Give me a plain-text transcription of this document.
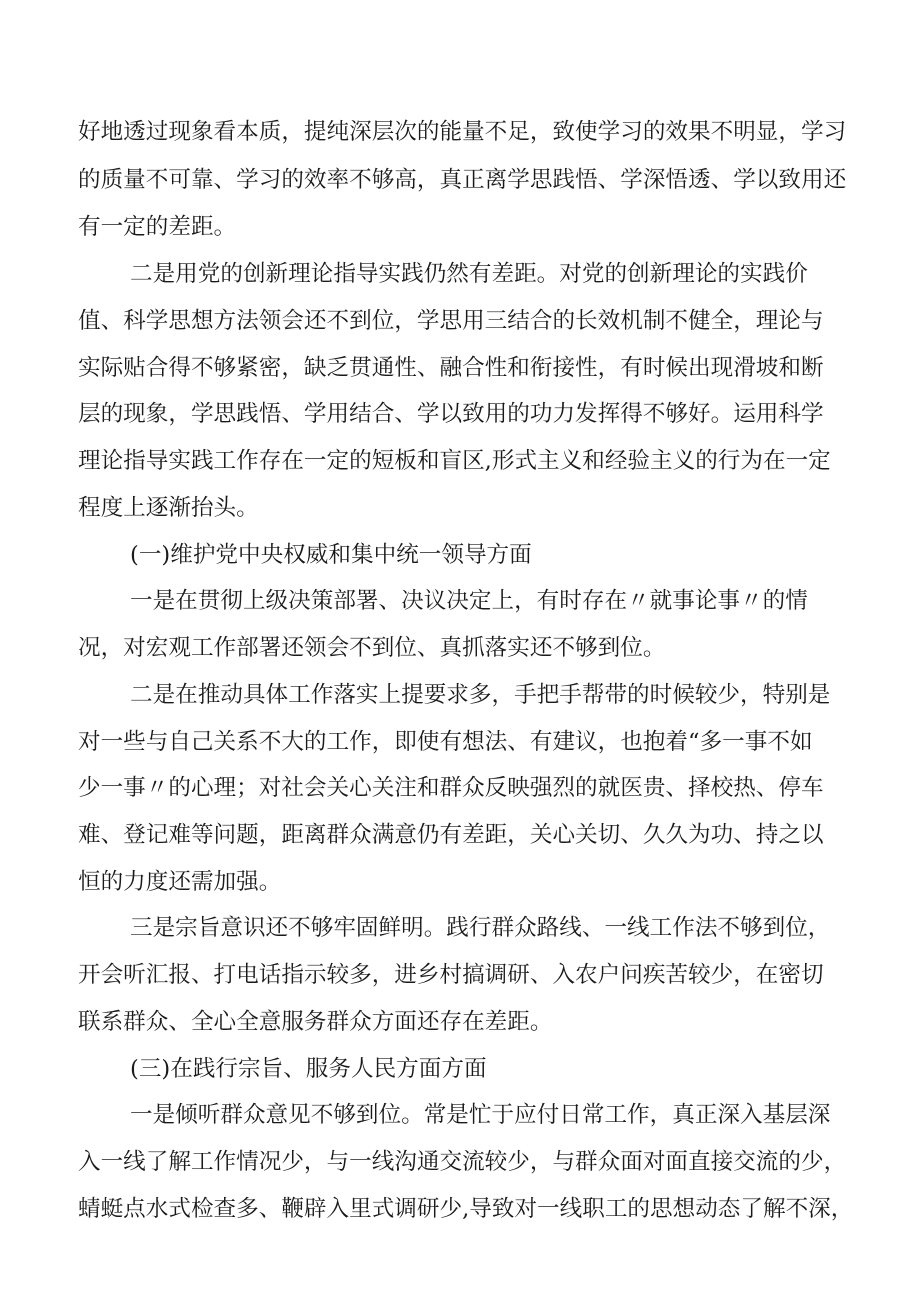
好地透过现象看本质，提纯深层次的能量不足，致使学习的效果不明显，学习
的质量不可靠、学习的效率不够高，真正离学思践悟、学深悟透、学以致用还
有一定的差距。
二是用党的创新理论指导实践仍然有差距。对党的创新理论的实践价
值、科学思想方法领会还不到位，学思用三结合的长效机制不健全，理论与
实际贴合得不够紧密，缺乏贯通性、融合性和衔接性，有时候出现滑坡和断
层的现象，学思践悟、学用结合、学以致用的功力发挥得不够好。运用科学
理论指导实践工作存在一定的短板和盲区,形式主义和经验主义的行为在一定
程度上逐渐抬头。
(一)维护党中央权威和集中统一领导方面
一是在贯彻上级决策部署、决议决定上，有时存在〃就事论事〃的情
况，对宏观工作部署还领会不到位、真抓落实还不够到位。
二是在推动具体工作落实上提要求多，手把手帮带的时候较少，特别是
对一些与自己关系不大的工作，即使有想法、有建议，也抱着“多一事不如
少一事〃的心理；对社会关心关注和群众反映强烈的就医贵、择校热、停车
难、登记难等问题，距离群众满意仍有差距，关心关切、久久为功、持之以
恒的力度还需加强。
三是宗旨意识还不够牢固鲜明。践行群众路线、一线工作法不够到位，
开会听汇报、打电话指示较多，进乡村搞调研、入农户问疾苦较少，在密切
联系群众、全心全意服务群众方面还存在差距。
(三)在践行宗旨、服务人民方面方面
一是倾听群众意见不够到位。常是忙于应付日常工作，真正深入基层深
入一线了解工作情况少，与一线沟通交流较少，与群众面对面直接交流的少，
蜻蜓点水式检查多、鞭辟入里式调研少,导致对一线职工的思想动态了解不深，
